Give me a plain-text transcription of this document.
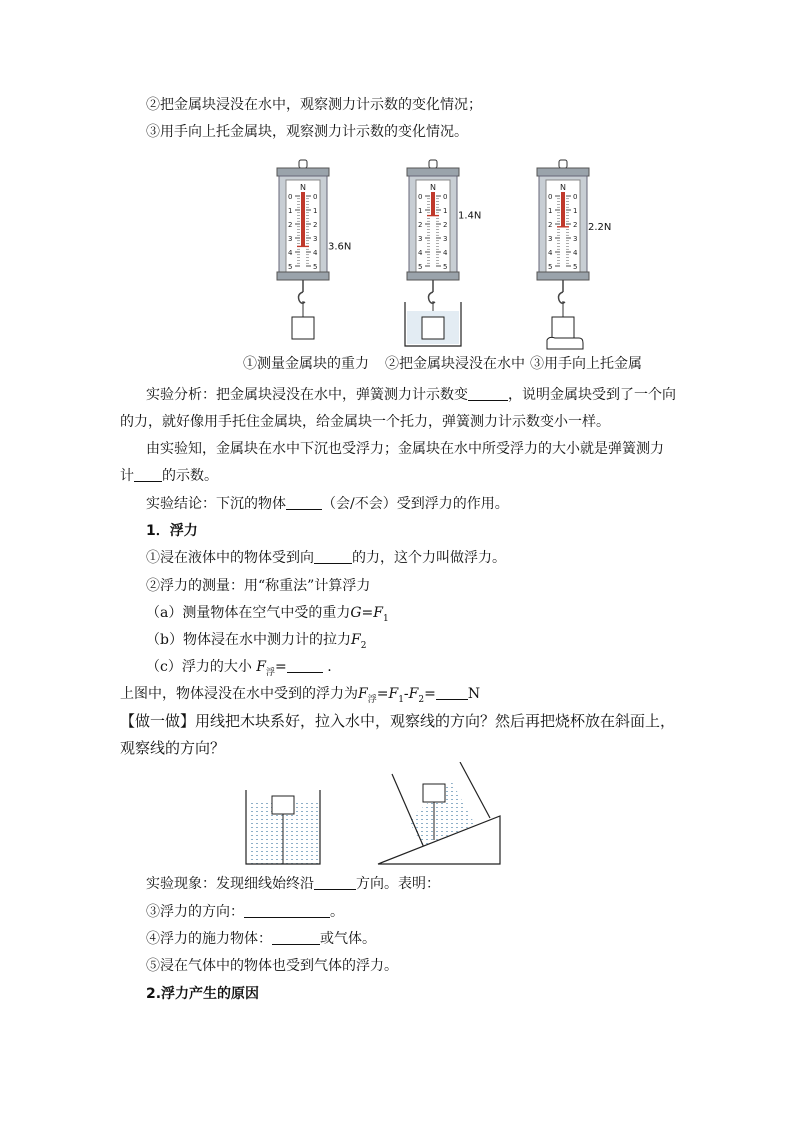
②把金属块浸没在水中，观察测力计示数的变化情况；
③用手向上托金属块，观察测力计示数的变化情况。
N
0	0
1	1
2	2
3	3
4	4
5	5
3.6N
N
0	0
1	1
2	2
3	3
4	4
5	5
1.4N
N
0	0
1	1
2	2
3	3
4	4
5	5
2.2N
①测量金属块的重力 ②把金属块浸没在水中 ③用手向上托金属
实验分析：把金属块浸没在水中，弹簧测力计示数变	，说明金属块受到了一个向
的力，就好像用手托住金属块，给金属块一个托力，弹簧测力计示数变小一样。
由实验知，金属块在水中下沉也受浮力；金属块在水中所受浮力的大小就是弹簧测力
计 的示数。
实验结论：下沉的物体	（会/不会）受到浮力的作用。
1．浮力
①浸在液体中的物体受到向	的力，这个力叫做浮力。
②浮力的测量：用“称重法”计算浮力
（a）测量物体在空气中受的重力$G=F_1$
（b）物体浸在水中测力计的拉力$F_2$
（c）浮力的大小 $F_浮=$	.
上图中，物体浸没在水中受到的浮力为$F_浮=F_1-F_2= N$
【做一做】用线把木块系好，拉入水中，观察线的方向？然后再把烧杯放在斜面上，
观察线的方向？
实验现象：发现细线始终沿	方向。表明：
③浮力的方向：	。
④浮力的施力物体：	或气体。
⑤浸在气体中的物体也受到气体的浮力。
2.浮力产生的原因
